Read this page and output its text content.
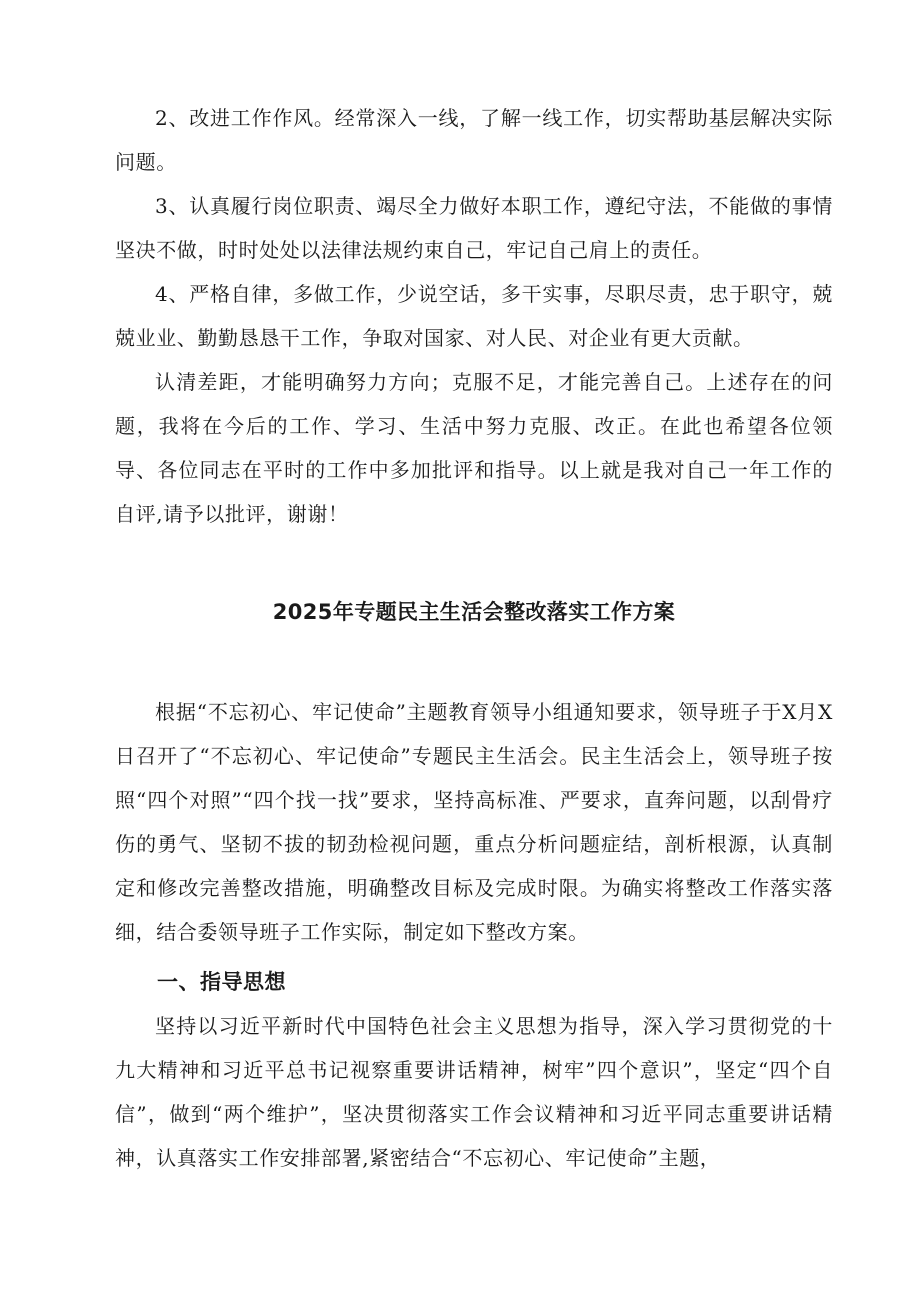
2、改进工作作风。经常深入一线，了解一线工作，切实帮助基层解决实际问题。

3、认真履行岗位职责、竭尽全力做好本职工作，遵纪守法，不能做的事情坚决不做，时时处处以法律法规约束自己，牢记自己肩上的责任。

4、严格自律，多做工作，少说空话，多干实事，尽职尽责，忠于职守，兢兢业业、勤勤恳恳干工作，争取对国家、对人民、对企业有更大贡献。

认清差距，才能明确努力方向；克服不足，才能完善自己。上述存在的问题，我将在今后的工作、学习、生活中努力克服、改正。在此也希望各位领导、各位同志在平时的工作中多加批评和指导。以上就是我对自己一年工作的自评,请予以批评，谢谢！

2025年专题民主生活会整改落实工作方案

根据“不忘初心、牢记使命”主题教育领导小组通知要求，领导班子于X月X日召开了“不忘初心、牢记使命”专题民主生活会。民主生活会上，领导班子按照“四个对照”“四个找一找”要求，坚持高标准、严要求，直奔问题，以刮骨疗伤的勇气、坚韧不拔的韧劲检视问题，重点分析问题症结，剖析根源，认真制定和修改完善整改措施，明确整改目标及完成时限。为确实将整改工作落实落细，结合委领导班子工作实际，制定如下整改方案。

一、指导思想

坚持以习近平新时代中国特色社会主义思想为指导，深入学习贯彻党的十九大精神和习近平总书记视察重要讲话精神，树牢”四个意识”，坚定“四个自信”，做到“两个维护”，坚决贯彻落实工作会议精神和习近平同志重要讲话精神，认真落实工作安排部署,紧密结合“不忘初心、牢记使命”主题，
